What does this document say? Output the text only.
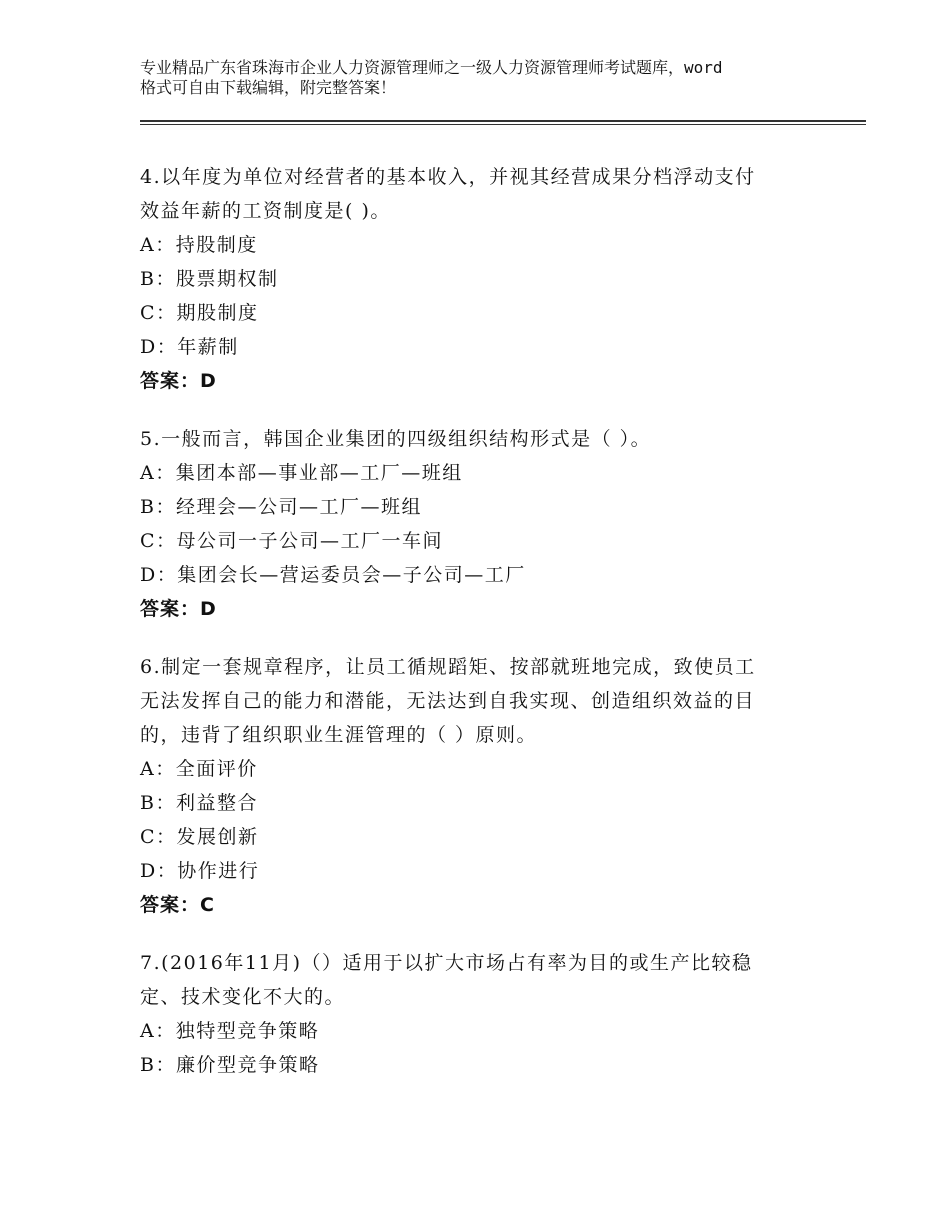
专业精品广东省珠海市企业人力资源管理师之一级人力资源管理师考试题库，word
格式可自由下载编辑，附完整答案！
4.以年度为单位对经营者的基本收入，并视其经营成果分档浮动支付
效益年薪的工资制度是( )。
A：持股制度
B：股票期权制
C：期股制度
D：年薪制
答案：D
5.一般而言，韩国企业集团的四级组织结构形式是（ ）。
A：集团本部—事业部—工厂—班组
B：经理会—公司—工厂—班组
C：母公司一子公司—工厂一车间
D：集团会长—营运委员会—子公司—工厂
答案：D
6.制定一套规章程序，让员工循规蹈矩、按部就班地完成，致使员工
无法发挥自己的能力和潜能，无法达到自我实现、创造组织效益的目
的，违背了组织职业生涯管理的（ ）原则。
A：全面评价
B：利益整合
C：发展创新
D：协作进行
答案：C
7.(2016年11月)（）适用于以扩大市场占有率为目的或生产比较稳
定、技术变化不大的。
A：独特型竞争策略
B：廉价型竞争策略
